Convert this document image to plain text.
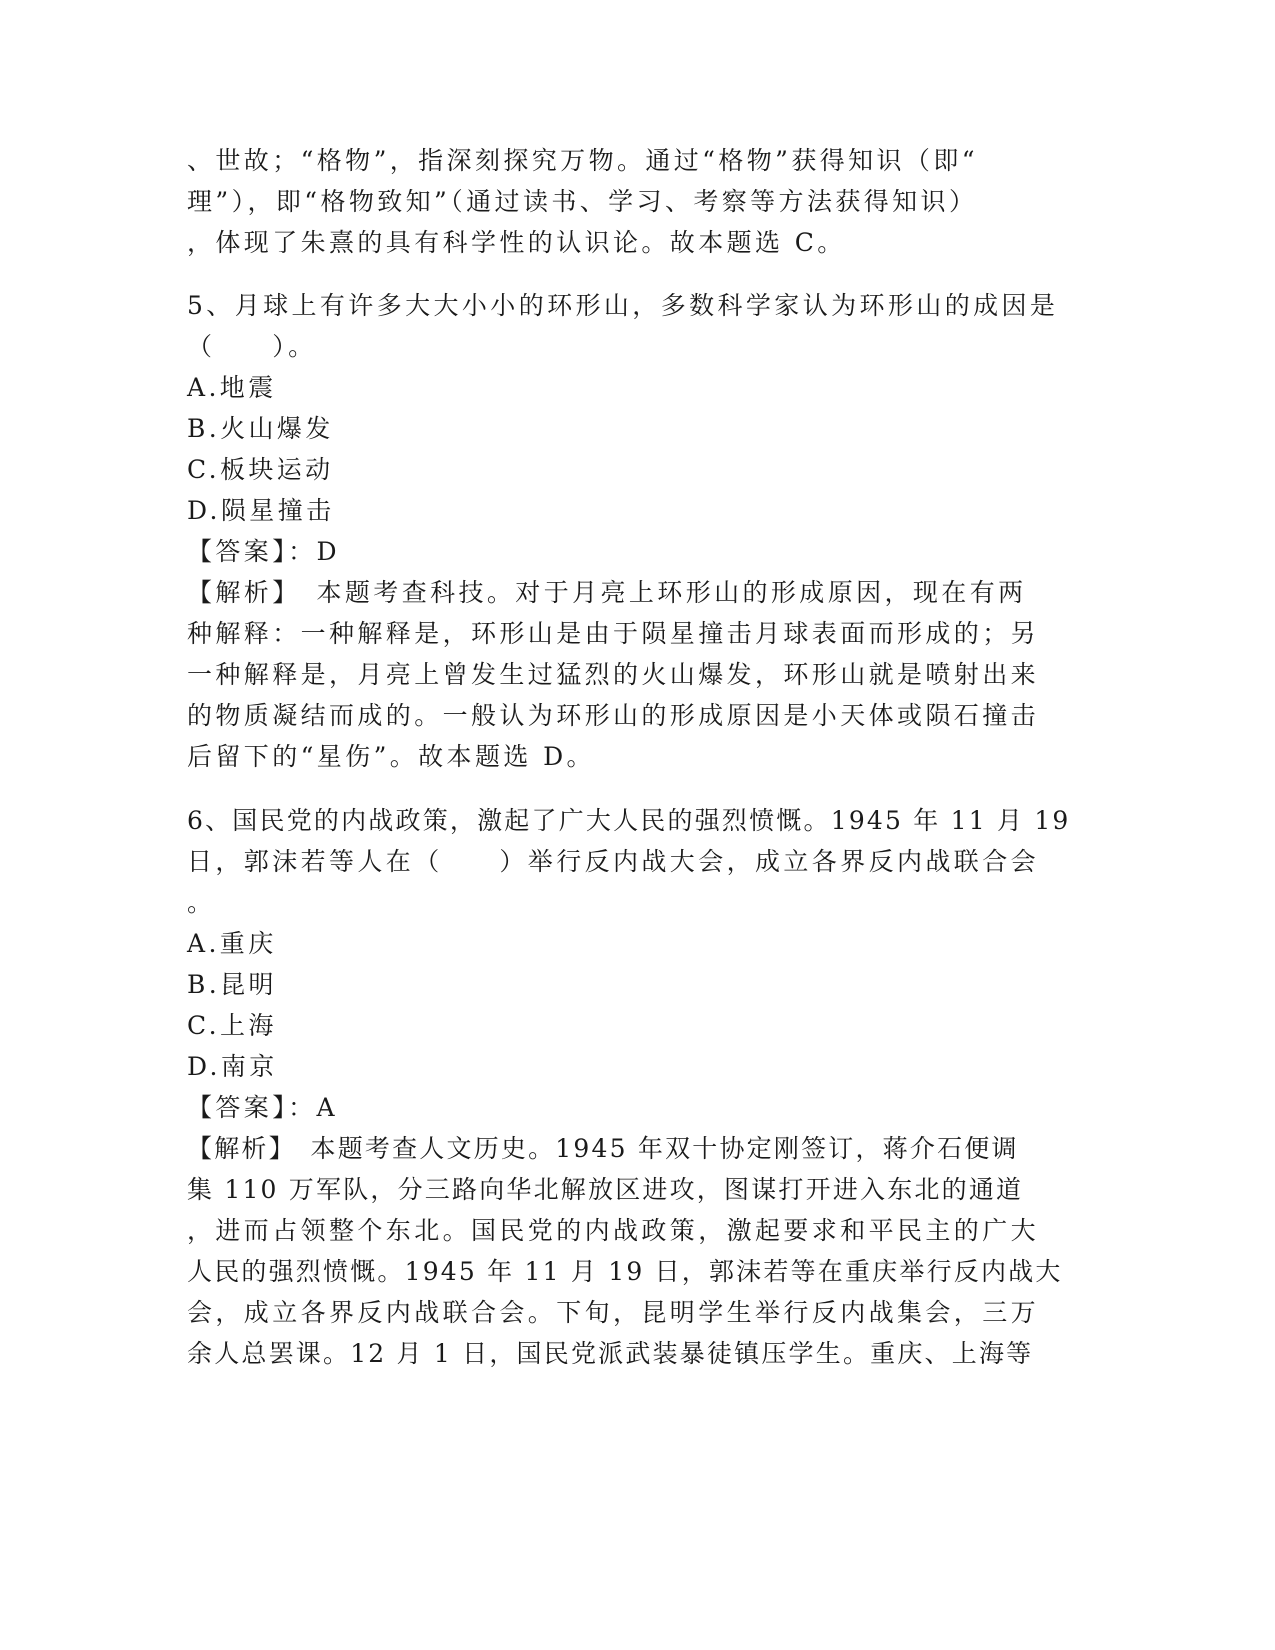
、世故；“格物”，指深刻探究万物。通过“格物”获得知识（即“
理”），即“格物致知”（通过读书、学习、考察等方法获得知识）
，体现了朱熹的具有科学性的认识论。故本题选 C。
5、月球上有许多大大小小的环形山，多数科学家认为环形山的成因是
（　　）。
A.地震
B.火山爆发
C.板块运动
D.陨星撞击
【答案】：D
【解析】　本题考查科技。对于月亮上环形山的形成原因，现在有两
种解释：一种解释是，环形山是由于陨星撞击月球表面而形成的；另
一种解释是，月亮上曾发生过猛烈的火山爆发，环形山就是喷射出来
的物质凝结而成的。一般认为环形山的形成原因是小天体或陨石撞击
后留下的“星伤”。故本题选 D。
6、国民党的内战政策，激起了广大人民的强烈愤慨。1945 年 11 月 19
日，郭沫若等人在（　　）举行反内战大会，成立各界反内战联合会
。
A.重庆
B.昆明
C.上海
D.南京
【答案】：A
【解析】　本题考查人文历史。1945 年双十协定刚签订，蒋介石便调
集 110 万军队，分三路向华北解放区进攻，图谋打开进入东北的通道
，进而占领整个东北。国民党的内战政策，激起要求和平民主的广大
人民的强烈愤慨。1945 年 11 月 19 日，郭沫若等在重庆举行反内战大
会，成立各界反内战联合会。下旬，昆明学生举行反内战集会，三万
余人总罢课。12 月 1 日，国民党派武装暴徒镇压学生。重庆、上海等
